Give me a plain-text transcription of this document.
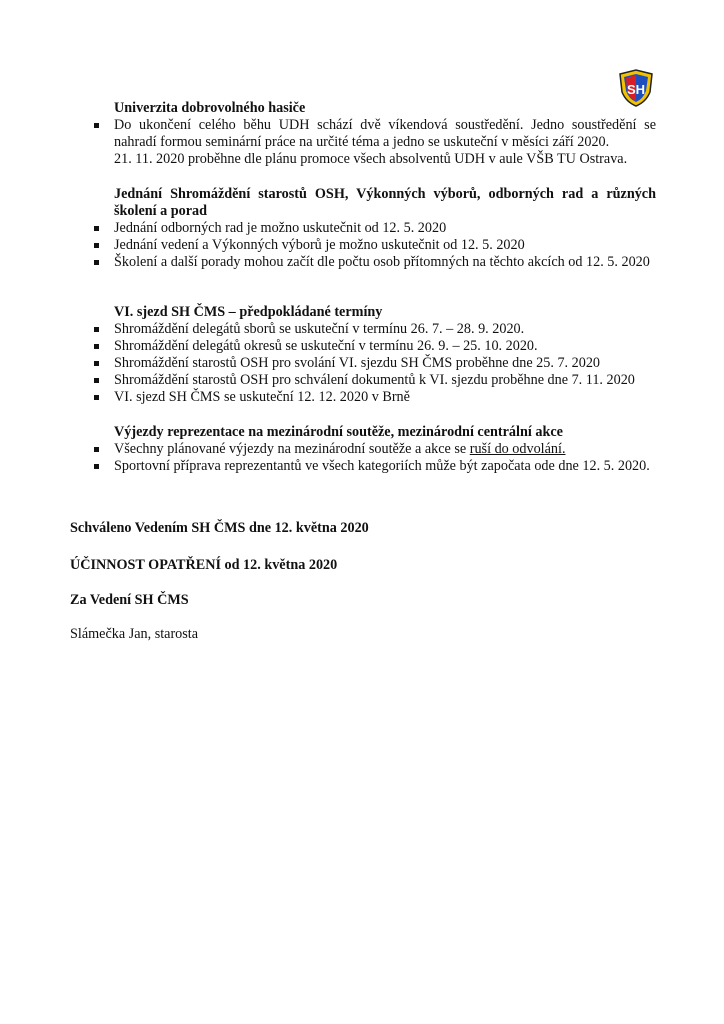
SH

Univerzita dobrovolného hasiče

Do ukončení celého běhu UDH schází dvě víkendová soustředění. Jedno soustředění se nahradí formou seminární práce na určité téma a jedno se uskuteční v měsíci září 2020.
21. 11. 2020 proběhne dle plánu promoce všech absolventů UDH v aule VŠB TU Ostrava.

Jednání Shromáždění starostů OSH, Výkonných výborů, odborných rad a různých školení a porad

Jednání odborných rad je možno uskutečnit od 12. 5. 2020
Jednání vedení a Výkonných výborů je možno uskutečnit od 12. 5. 2020
Školení a další porady mohou začít dle počtu osob přítomných na těchto akcích od 12. 5. 2020

VI. sjezd SH ČMS – předpokládané termíny

Shromáždění delegátů sborů se uskuteční v termínu 26. 7. – 28. 9. 2020.
Shromáždění delegátů okresů se uskuteční v termínu 26. 9. – 25. 10. 2020.
Shromáždění starostů OSH pro svolání VI. sjezdu SH ČMS proběhne dne 25. 7. 2020
Shromáždění starostů OSH pro schválení dokumentů k VI. sjezdu proběhne dne 7. 11. 2020
VI. sjezd SH ČMS se uskuteční 12. 12. 2020 v Brně

Výjezdy reprezentace na mezinárodní soutěže, mezinárodní centrální akce

Všechny plánované výjezdy na mezinárodní soutěže a akce se ruší do odvolání.
Sportovní příprava reprezentantů ve všech kategoriích může být započata ode dne 12. 5. 2020.

Schváleno Vedením SH ČMS dne 12. května 2020

ÚČINNOST OPATŘENÍ od 12. května 2020

Za Vedení SH ČMS

Slámečka Jan, starosta
